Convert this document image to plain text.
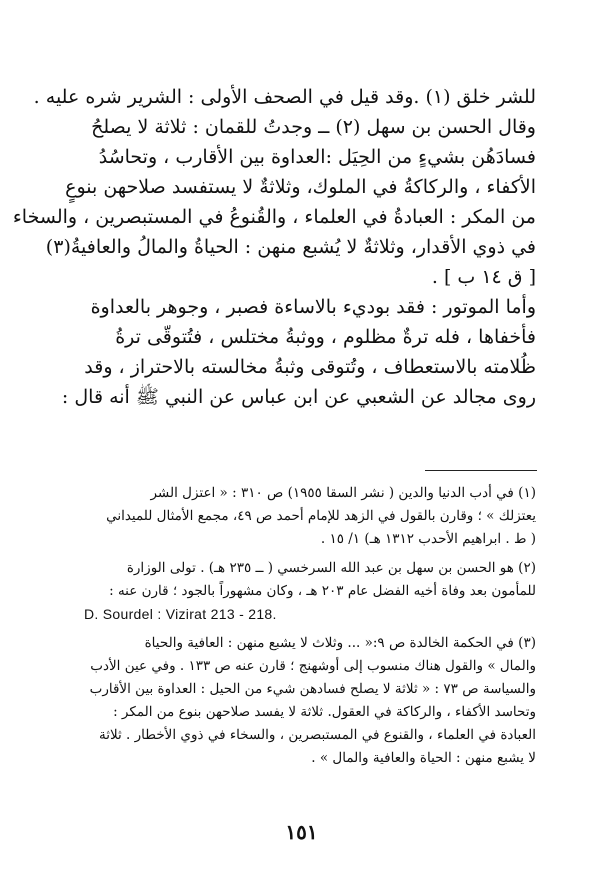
للشر خلق (١) .وقد قيل في الصحف الأولى : الشرير شره عليه .
وقال الحسن بن سهل (٢) ــ وجدتُ للقمان : ثلاثة لا يصلحُ
فسادَهُن بشيءٍ من الحِيَل :العداوة بين الأقارب ، وتحاسُدُ
الأكفاء ، والركاكةُ في الملوك، وثلاثةٌ لا يستفسد صلاحهن بنوعٍ
من المكر : العبادةُ في العلماء ، والقُنوعُ في المستبصرين ، والسخاء
في ذوي الأقدار، وثلاثةٌ لا يُشبع منهن : الحياةُ والمالُ والعافيةُ(٣)
[ ق ١٤ ب ] .
وأما الموتور : فقد بوديء بالاساءة فصبر ، وجوهر بالعداوة
فأخفاها ، فله ترةٌ مظلوم ، ووثبةُ مختلس ، فتُتوقّى ترةُ
ظُلامته بالاستعطاف ، وتُتوقى وثبةُ مخالسته بالاحتراز ، وقد
روى مجالد عن الشعبي عن ابن عباس عن النبي ﷺ أنه قال :
(١) في أدب الدنيا والدين ( نشر السقا ١٩٥٥) ص ٣١٠ : « اعتزل الشر
يعتزلك » ؛ وقارن بالقول في الزهد للإمام أحمد ص ٤٩، مجمع الأمثال للميداني
( ط . ابراهيم الأحدب ١٣١٢ هـ) ١/ ١٥ .
(٢) هو الحسن بن سهل بن عبد الله السرخسي ( ــ ٢٣٥ هـ) . تولى الوزارة
للمأمون بعد وفاة أخيه الفضل عام ٢٠٣ هـ ، وكان مشهوراً بالجود ؛ قارن عنه :
D. Sourdel : Vizirat 213 - 218.
(٣) في الحكمة الخالدة ص ٩:« ... وثلاث لا يشبع منهن : العافية والحياة
والمال » والقول هناك منسوب إلى أوشهنج ؛ قارن عنه ص ١٣٣ . وفي عين الأدب
والسياسة ص ٧٣ : « ثلاثة لا يصلح فسادهن شيء من الحيل : العداوة بين الأقارب
وتحاسد الأكفاء ، والركاكة في العقول. ثلاثة لا يفسد صلاحهن بنوع من المكر :
العبادة في العلماء ، والقنوع في المستبصرين ، والسخاء في ذوي الأخطار . ثلاثة
لا يشبع منهن : الحياة والعافية والمال » .
١٥١
